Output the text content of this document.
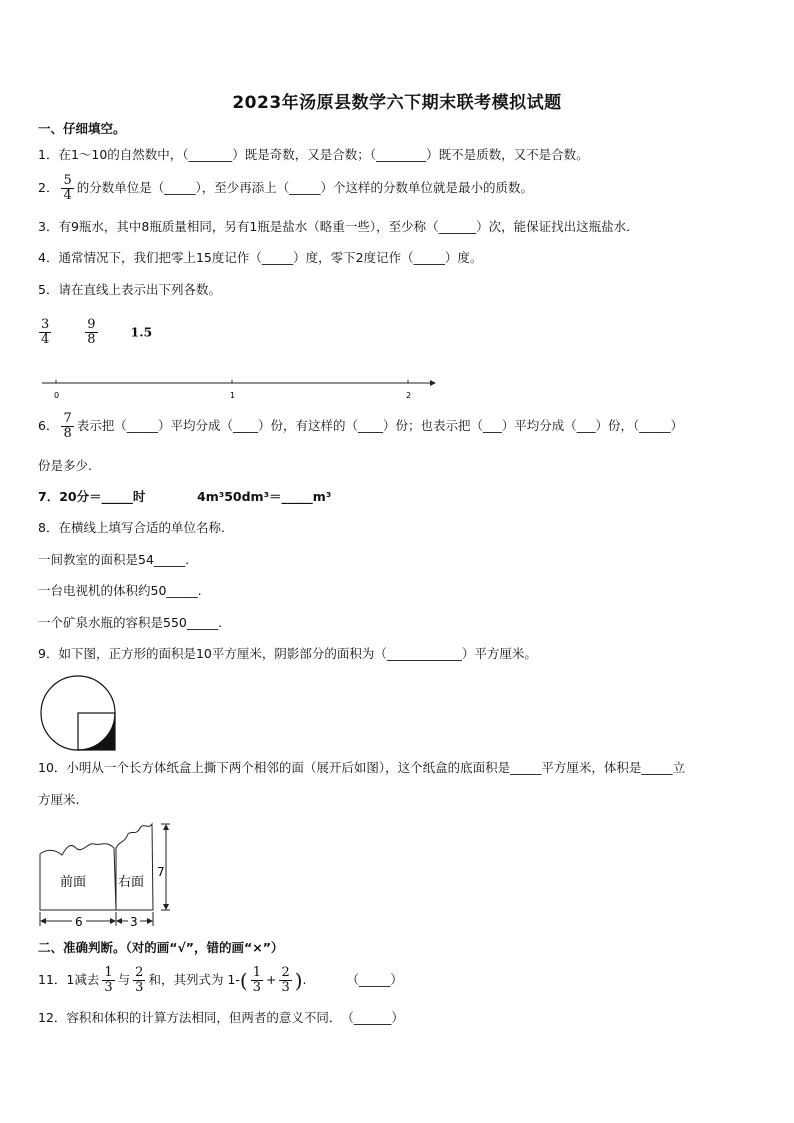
2023年汤原县数学六下期末联考模拟试题
一、仔细填空。
1．在1～10的自然数中，（_______）既是奇数，又是合数；（________）既不是质数，又不是合数。
2． $\frac{5}{4}$ 的分数单位是（_____），至少再添上（_____）个这样的分数单位就是最小的质数。
3．有9瓶水，其中8瓶质量相同，另有1瓶是盐水（略重一些），至少称（______）次，能保证找出这瓶盐水．
4．通常情况下，我们把零上15度记作（_____）度，零下2度记作（_____）度。
5．请在直线上表示出下列各数。
$\frac{3}{4}$
	$\frac{9}{8}$	1.5
0	1	2
6． $\frac{7}{8}$ 表示把（_____）平均分成（____）份，有这样的（____）份；也表示把（___）平均分成（___）份，（_____）
份是多少.
7．20分＝_____时	4m³50dm³＝_____m³
8．在横线上填写合适的单位名称.
一间教室的面积是54_____.
一台电视机的体积约50_____.
一个矿泉水瓶的容积是550_____.
9．如下图，正方形的面积是10平方厘米，阴影部分的面积为（____________）平方厘米。
10．小明从一个长方体纸盒上撕下两个相邻的面（展开后如图），这个纸盒的底面积是_____平方厘米，体积是_____立
方厘米.
前面 右面
7
6	3
二、准确判断。（对的画“√”，错的画“×”）
11．1减去 $\frac{1}{3}$ 与 $\frac{2}{3}$ 和，其列式为 $1-( \frac{1}{3} + \frac{2}{3}$ ).	（_____）
12．容积和体积的计算方法相同，但两者的意义不同．　（______）
